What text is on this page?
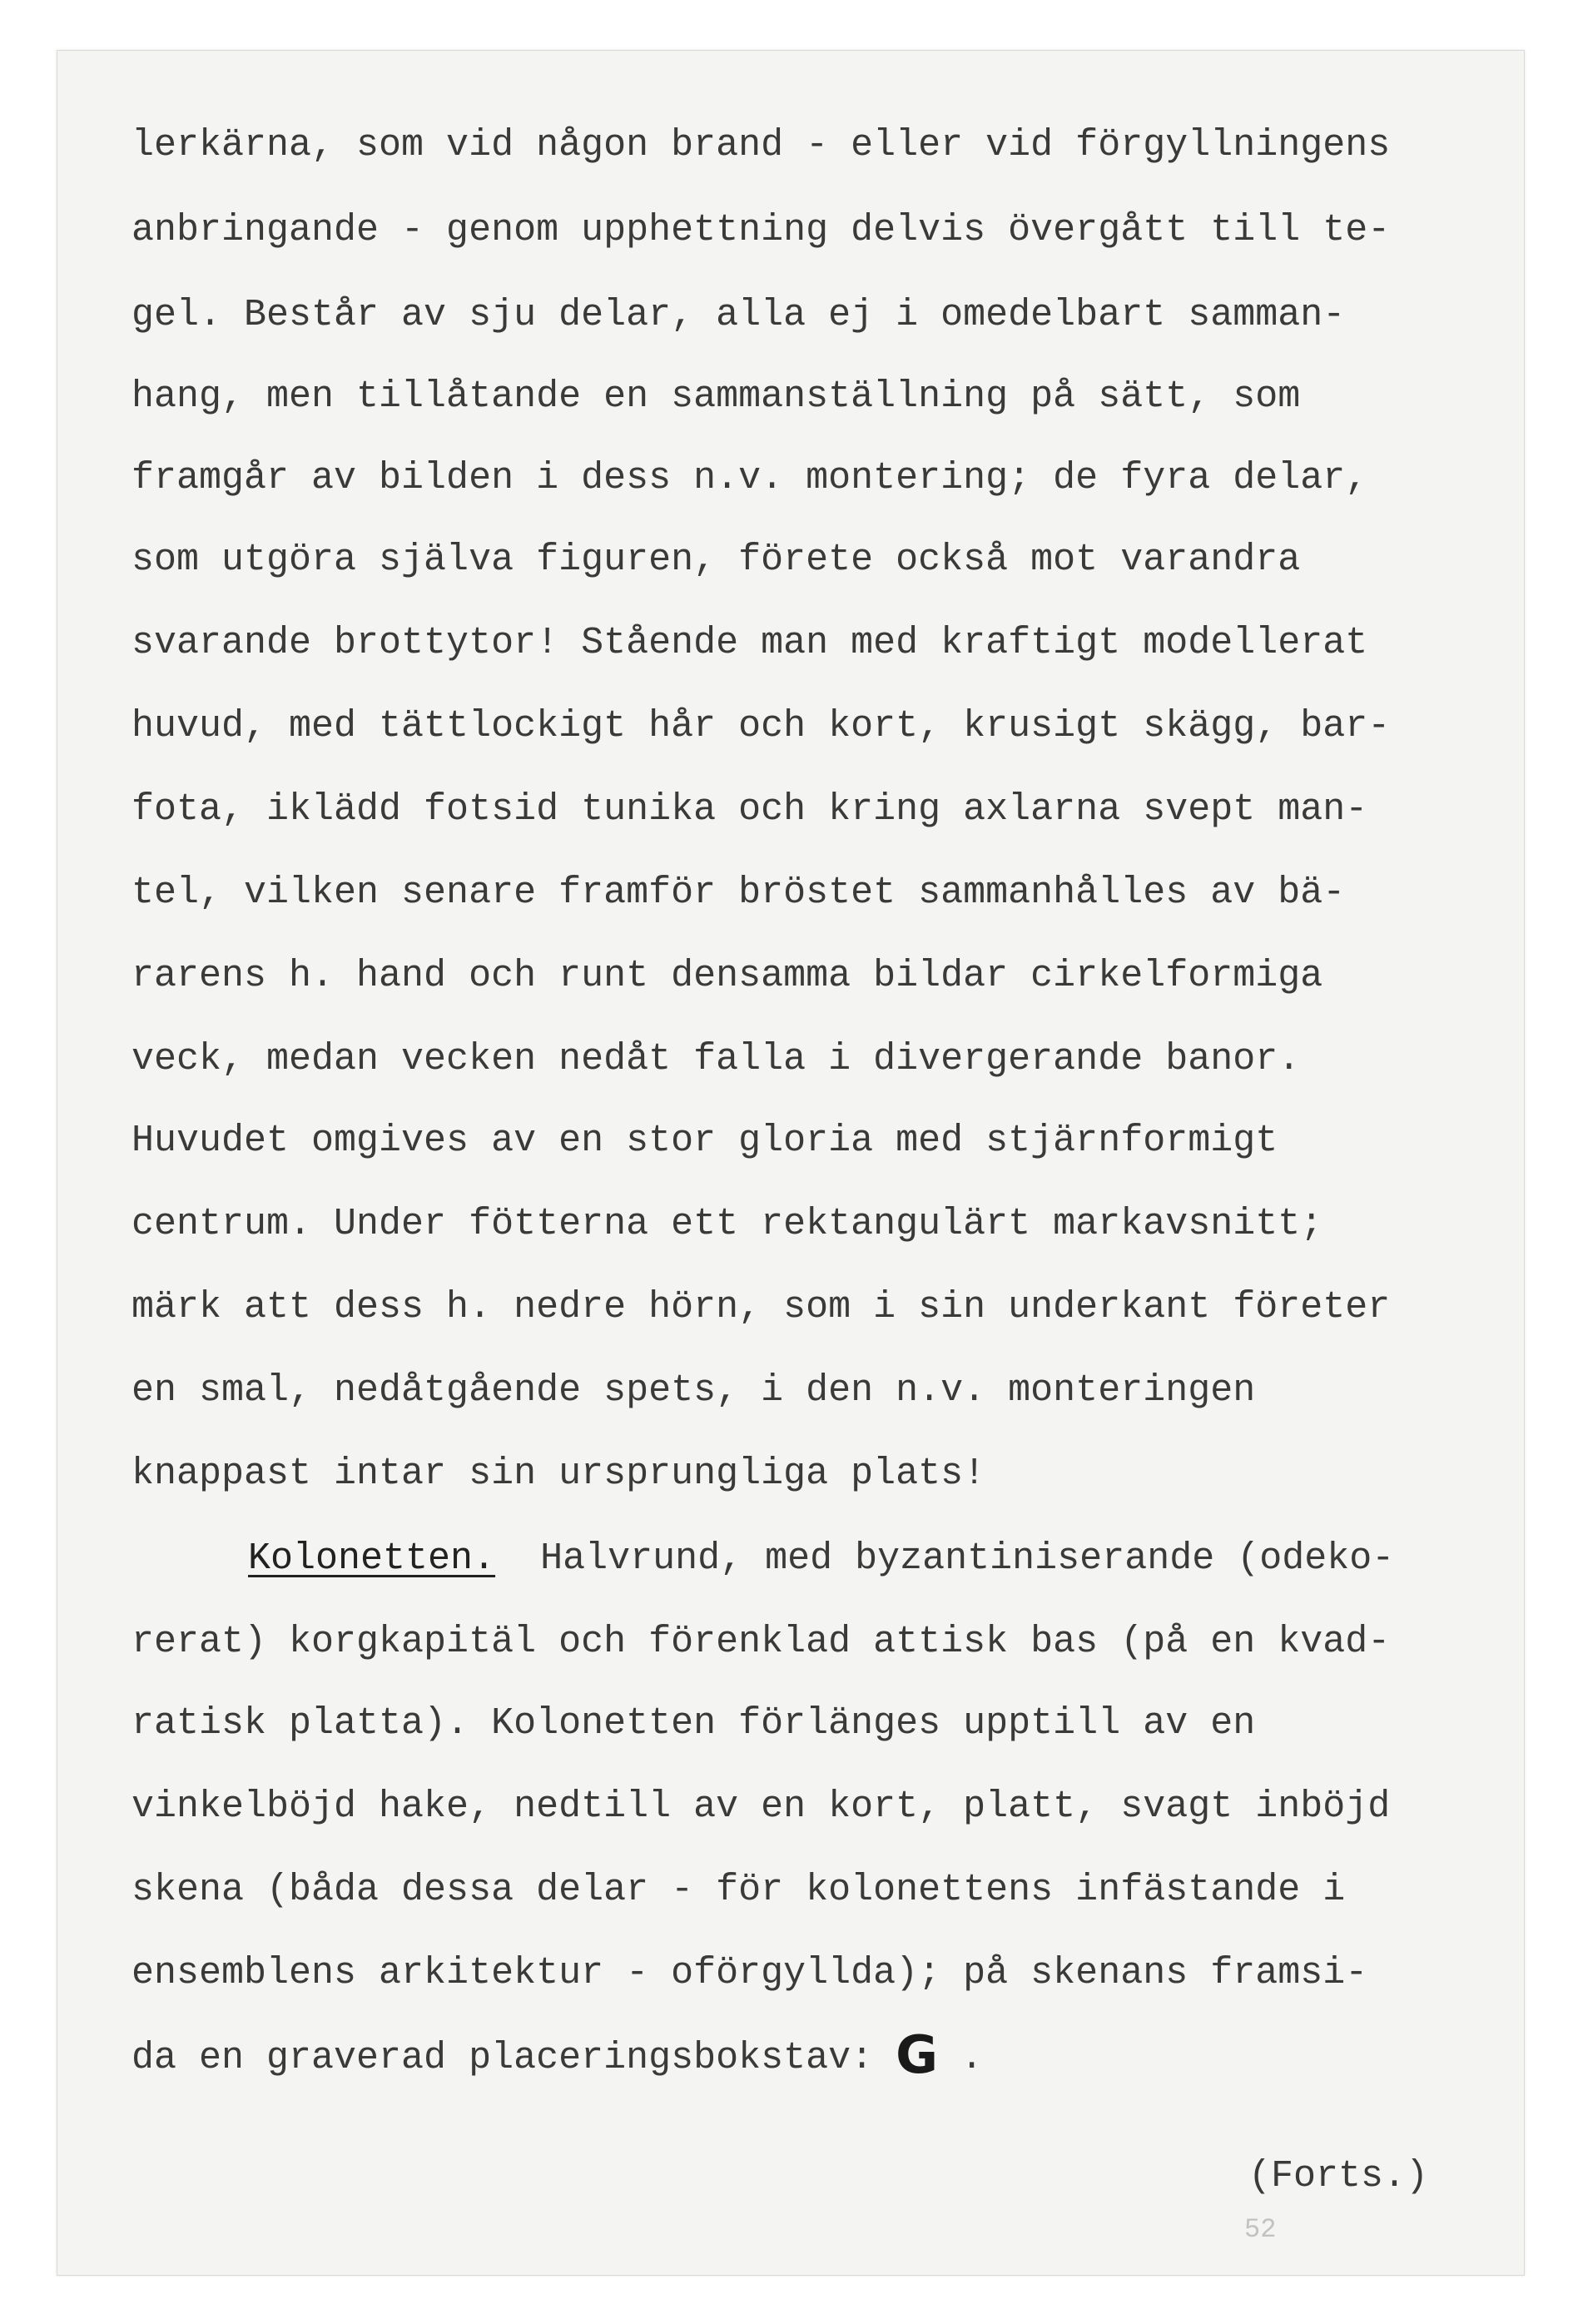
lerkärna, som vid någon brand - eller vid förgyllningens

anbringande - genom upphettning delvis övergått till te-

gel. Består av sju delar, alla ej i omedelbart samman-

hang, men tillåtande en sammanställning på sätt, som

framgår av bilden i dess n.v. montering; de fyra delar,

som utgöra själva figuren, förete också mot varandra

svarande brottytor! Stående man med kraftigt modellerat

huvud, med tättlockigt hår och kort, krusigt skägg, bar-

fota, iklädd fotsid tunika och kring axlarna svept man-

tel, vilken senare framför bröstet sammanhålles av bä-

rarens h. hand och runt densamma bildar cirkelformiga

veck, medan vecken nedåt falla i divergerande banor.

Huvudet omgives av en stor gloria med stjärnformigt

centrum. Under fötterna ett rektangulärt markavsnitt;

märk att dess h. nedre hörn, som i sin underkant företer

en smal, nedåtgående spets, i den n.v. monteringen

knappast intar sin ursprungliga plats!

Kolonetten. Halvrund, med byzantiniserande (odeko-

rerat) korgkapitäl och förenklad attisk bas (på en kvad-

ratisk platta). Kolonetten förlänges upptill av en

vinkelböjd hake, nedtill av en kort, platt, svagt inböjd

skena (båda dessa delar - för kolonettens infästande i

ensemblens arkitektur - oförgyllda); på skenans framsi-

da en graverad placeringsbokstav: G .

(Forts.)
52
